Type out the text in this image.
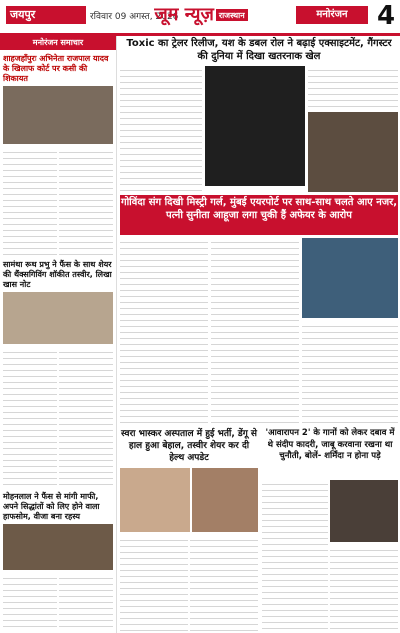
जयपुर	रविवार 09 अगस्त, 2026
जूम न्यूज़ राजस्थान	मनोरंजन	4
मनोरंजन समाचार
शाहजहाँपुरः अभिनेता राजपाल यादव के खिलाफ कोर्ट पर कसी की शिकायत
सामंथा रूथ प्रभु ने फैंस के साथ शेयर की थैंक्सगिविंग शॉकीत तस्वीर, लिखा खास नोट
मोहनलाल ने फैंस से मांगी माफी, अपने सिद्धांतों को लिए होने वाला हाफसोम, वीजा बना रहस्य
Toxic का ट्रेलर रिलीज, यश के डबल रोल ने बढ़ाई एक्साइटमेंट, गैंगस्टर की दुनिया में दिखा खतरनाक खेल
गोविंदा संग दिखी मिस्ट्री गर्ल, मुंबई एयरपोर्ट पर साथ-साथ चलते आए नजर, पत्नी सुनीता आहूजा लगा चुकी हैं अफेयर के आरोप
स्वरा भास्कर अस्पताल में हुई भर्ती, डेंगू से हाल हुआ बेहाल, तस्वीर शेयर कर दी हेल्थ अपडेट
'आवारापन 2' के गानों को लेकर दबाव में थे संदीप कादरी, जाबू करवाना रखना था चुनौती, बोलें- शर्मिंदा न होना पड़े
